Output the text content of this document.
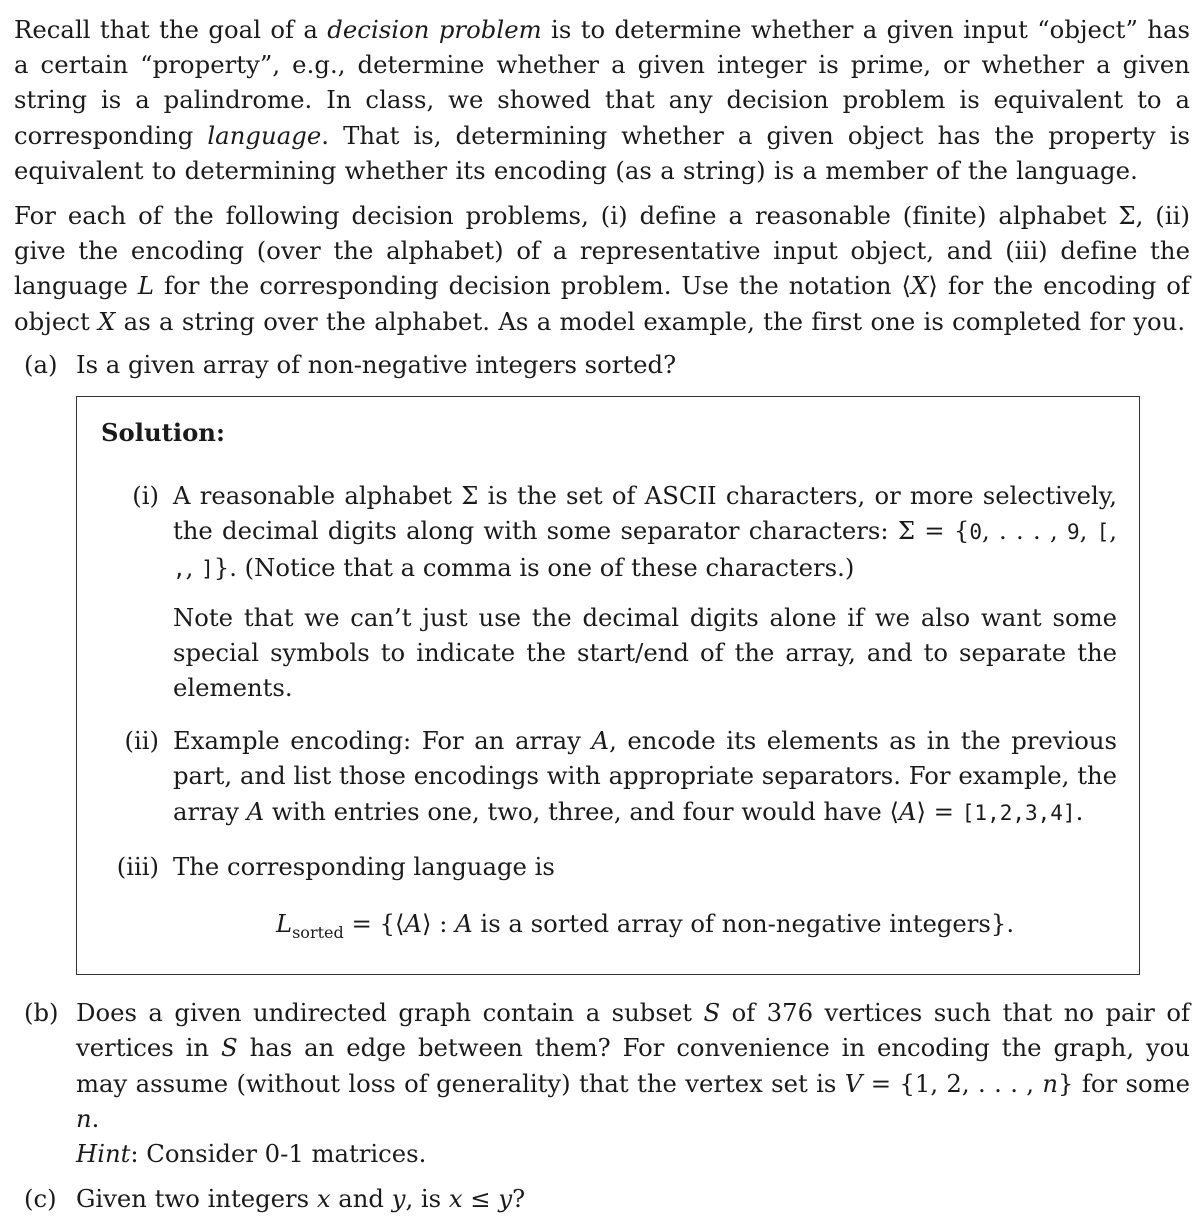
Recall that the goal of a decision problem is to determine whether a given input “object” has a certain “property”, e.g., determine whether a given integer is prime, or whether a given string is a palindrome. In class, we showed that any decision problem is equivalent to a corresponding language. That is, determining whether a given object has the property is equivalent to determining whether its encoding (as a string) is a member of the language.

For each of the following decision problems, (i) define a reasonable (finite) alphabet Σ, (ii) give the encoding (over the alphabet) of a representative input object, and (iii) define the language L for the corresponding decision problem. Use the notation ⟨X⟩ for the encoding of object X as a string over the alphabet. As a model example, the first one is completed for you.

(a) Is a given array of non-negative integers sorted?
Solution:
(i) A reasonable alphabet Σ is the set of ASCII characters, or more selectively, the decimal digits along with some separator characters: Σ = {0, . . . , 9, [, ,, ]}. (Notice that a comma is one of these characters.)

Note that we can’t just use the decimal digits alone if we also want some special symbols to indicate the start/end of the array, and to separate the elements.

(ii) Example encoding: For an array A, encode its elements as in the previous part, and list those encodings with appropriate separators. For example, the array A with entries one, two, three, and four would have ⟨A⟩ = [1,2,3,4].
(iii) The corresponding language is
$L_{sorted}$ = {⟨A⟩ : A is a sorted array of non-negative integers}.
(b) Does a given undirected graph contain a subset S of 376 vertices such that no pair of vertices in S has an edge between them? For convenience in encoding the graph, you may assume (without loss of generality) that the vertex set is V = {1, 2, . . . , n} for some n.
Hint: Consider 0-1 matrices.
(c) Given two integers x and y, is x ≤ y?
